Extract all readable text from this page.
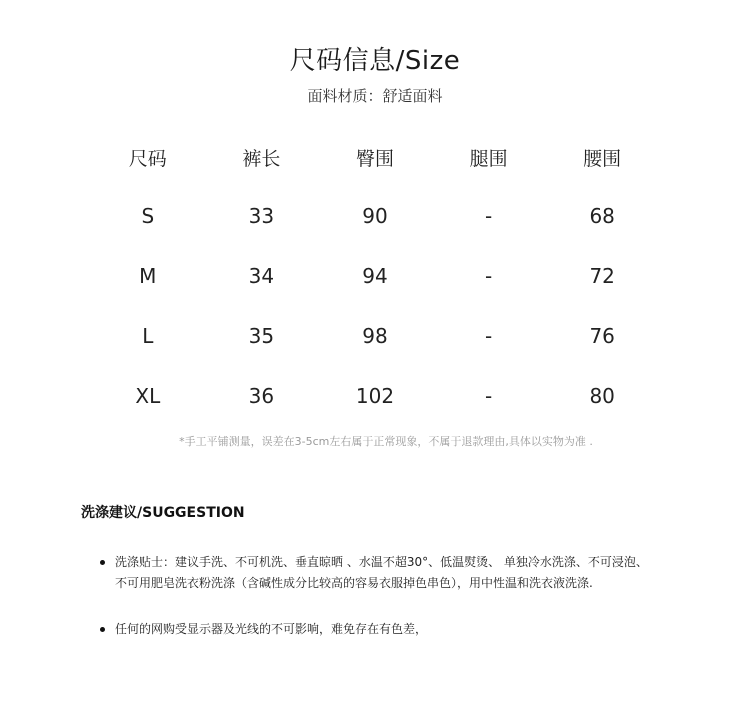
尺码信息/Size
面料材质：舒适面料
尺码	裤长	臀围	腿围	腰围
S	33	90	-	68
M	34	94	-	72
L	35	98	-	76
XL	36	102	-	80
*手工平铺测量，误差在3-5cm左右属于正常现象，不属于退款理由,具体以实物为准 .
洗涤建议/SUGGESTION
洗涤贴士：建议手洗、不可机洗、垂直晾晒 、水温不超30°、低温熨烫、 单独冷水洗涤、不可浸泡、
不可用肥皂洗衣粉洗涤（含碱性成分比较高的容易衣服掉色串色），用中性温和洗衣液洗涤.
任何的网购受显示器及光线的不可影响，难免存在有色差，
